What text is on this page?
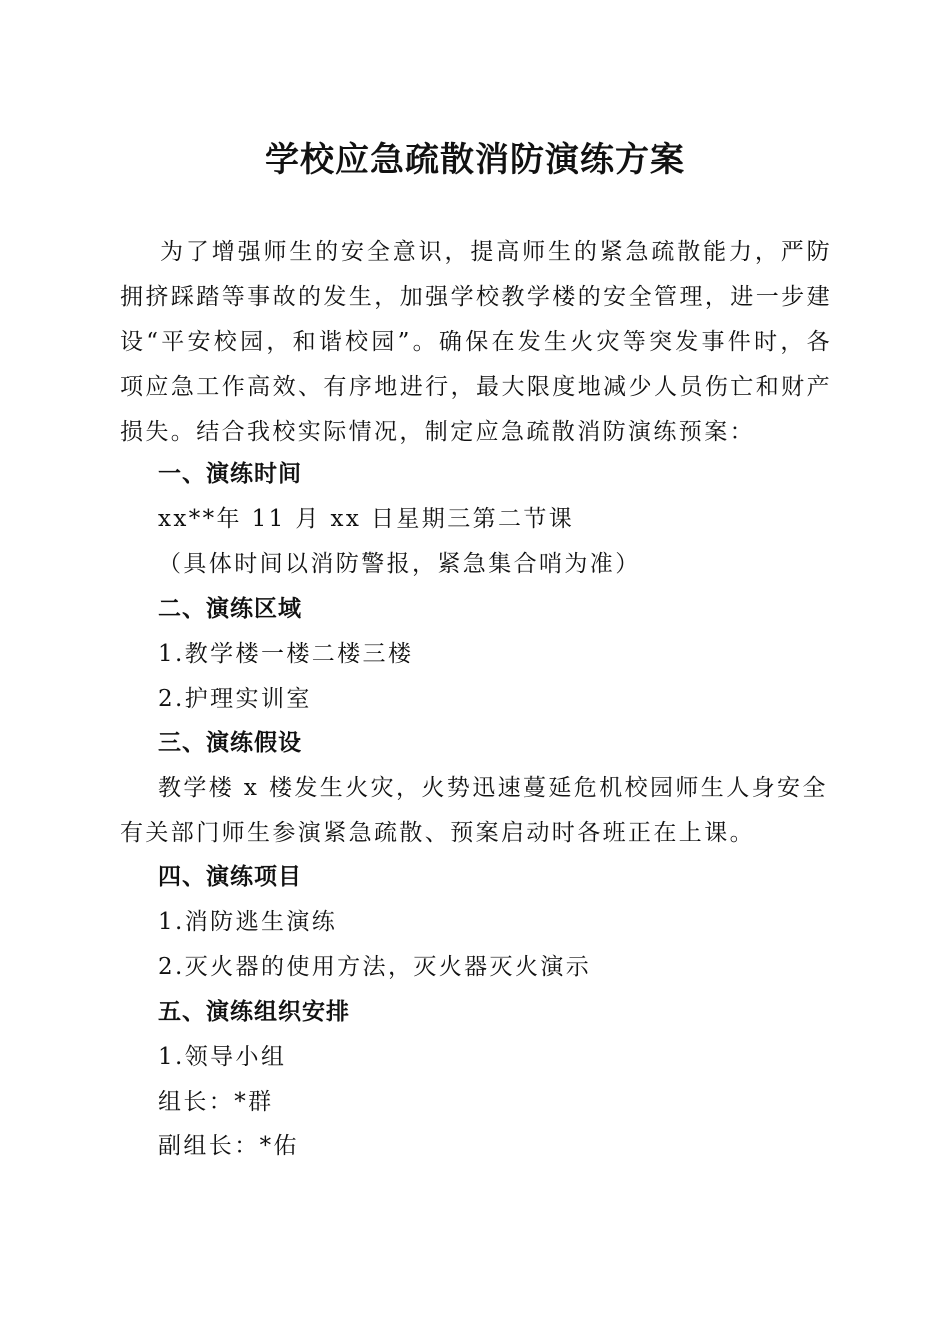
学校应急疏散消防演练方案
为了增强师生的安全意识，提高师生的紧急疏散能力，严防拥挤踩踏等事故的发生，加强学校教学楼的安全管理，进一步建设“平安校园，和谐校园”。确保在发生火灾等突发事件时，各项应急工作高效、有序地进行，最大限度地减少人员伤亡和财产损失。结合我校实际情况，制定应急疏散消防演练预案：
一、演练时间
xx**年 11 月 xx 日星期三第二节课
（具体时间以消防警报，紧急集合哨为准）
二、演练区域
1.教学楼一楼二楼三楼
2.护理实训室
三、演练假设
教学楼 x 楼发生火灾，火势迅速蔓延危机校园师生人身安全有关部门师生参演紧急疏散、预案启动时各班正在上课。
四、演练项目
1.消防逃生演练
2.灭火器的使用方法，灭火器灭火演示
五、演练组织安排
1.领导小组
组长：*群
副组长：*佑
